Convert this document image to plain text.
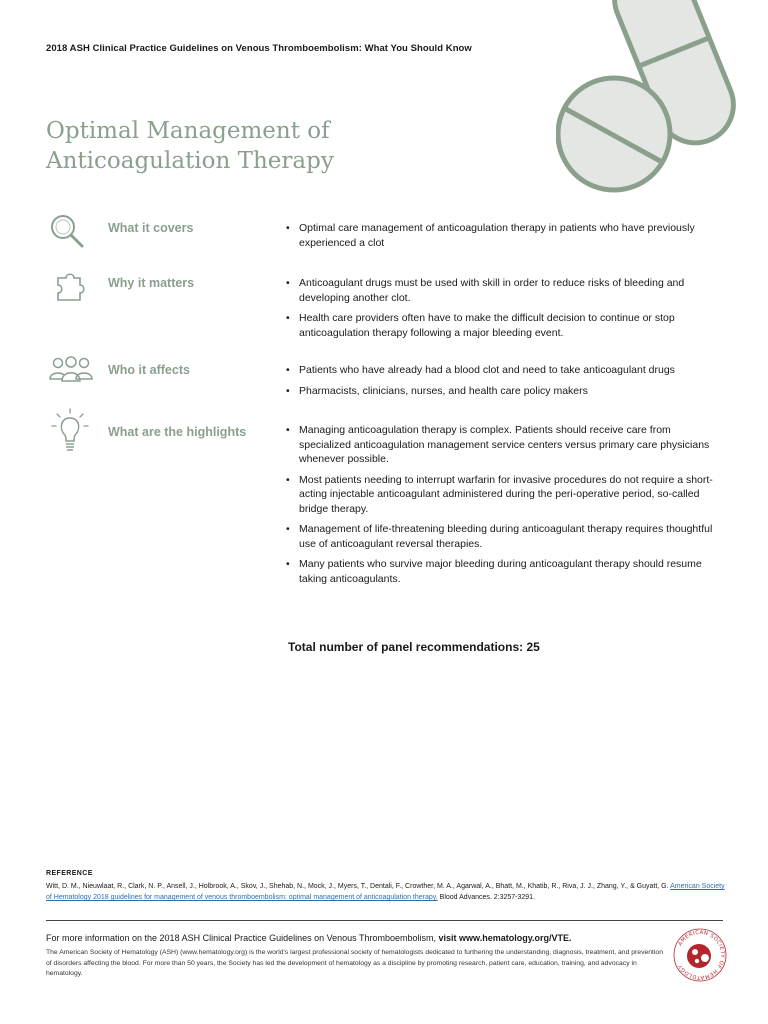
2018 ASH Clinical Practice Guidelines on Venous Thromboembolism: What You Should Know
Optimal Management of
Anticoagulation Therapy
What it covers	• Optimal care management of anticoagulation therapy in patients who have previously experienced a clot
Why it matters	• Anticoagulant drugs must be used with skill in order to reduce risks of bleeding and developing another clot.
• Health care providers often have to make the difficult decision to continue or stop anticoagulation therapy following a major bleeding event.
Who it affects	• Patients who have already had a blood clot and need to take anticoagulant drugs
• Pharmacists, clinicians, nurses, and health care policy makers
What are the highlights	• Managing anticoagulation therapy is complex. Patients should receive care from specialized anticoagulation management service centers versus primary care physicians whenever possible.
• Most patients needing to interrupt warfarin for invasive procedures do not require a short-acting injectable anticoagulant administered during the peri-operative period, so-called bridge therapy.
• Management of life-threatening bleeding during anticoagulant therapy requires thoughtful use of anticoagulant reversal therapies.
• Many patients who survive major bleeding during anticoagulant therapy should resume taking anticoagulants.
Total number of panel recommendations: 25
REFERENCE
Witt, D. M., Nieuwlaat, R., Clark, N. P., Ansell, J., Holbrook, A., Skov, J., Shehab, N., Mock, J., Myers, T., Dentali, F., Crowther, M. A., Agarwal, A., Bhatt, M., Khatib, R., Riva, J. J., Zhang, Y., & Guyatt, G. American Society of Hematology 2018 guidelines for management of venous thromboembolism: optimal management of anticoagulation therapy. Blood Advances. 2:3257-3291.
For more information on the 2018 ASH Clinical Practice Guidelines on Venous Thromboembolism, visit www.hematology.org/VTE.
The American Society of Hematology (ASH) (www.hematology.org) is the world's largest professional society of hematologists dedicated to furthering the understanding, diagnosis, treatment, and prevention of disorders affecting the blood. For more than 50 years, the Society has led the development of hematology as a discipline by promoting research, patient care, education, training, and advocacy in hematology.
AMERICAN SOCIETY OF HEMATOLOGY
